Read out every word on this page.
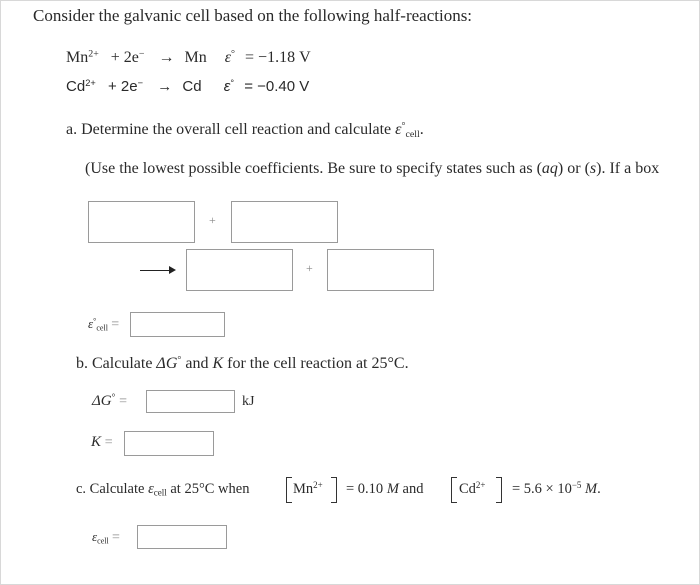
Consider the galvanic cell based on the following half-reactions:
$Mn^{2+} + 2e^- \to Mn$ ε° = −1.18 V
$Cd^{2+} + 2e^- \to Cd$ ε° = −0.40 V
a. Determine the overall cell reaction and calculate $\varepsilon^\circ_{cell}$.
(Use the lowest possible coefficients. Be sure to specify states such as (aq) or (s). If a box
+
+
$\varepsilon^\circ_{cell}$ =
b. Calculate ΔG° and K for the cell reaction at 25°C.
ΔG° =	kJ
K =
c. Calculate $\varepsilon_{cell}$ at 25°C when	$Mn^{2+} = 0.10$ M and $Cd^{2+} = 5.6 \times 10^{-5}$ M.
$\varepsilon_{cell}$ =
